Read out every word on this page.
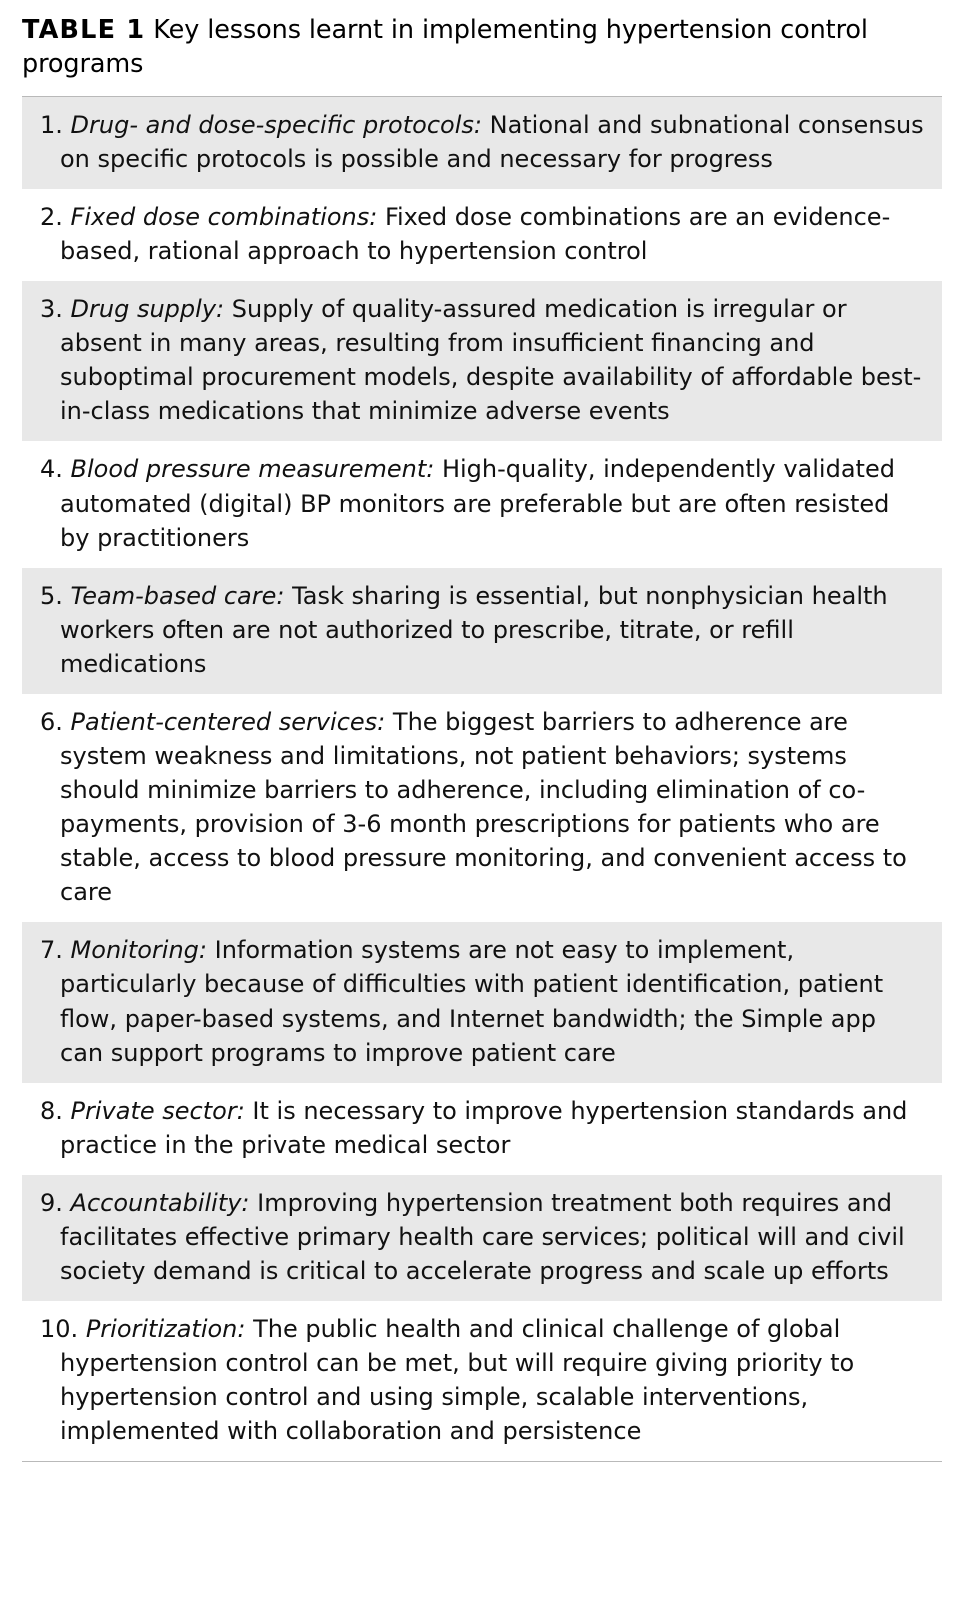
TABLE 1 Key lessons learnt in implementing hypertension control programs
1. Drug- and dose-specific protocols: National and subnational consensus on specific protocols is possible and necessary for progress
2. Fixed dose combinations: Fixed dose combinations are an evidence-based, rational approach to hypertension control
3. Drug supply: Supply of quality-assured medication is irregular or absent in many areas, resulting from insufficient financing and suboptimal procurement models, despite availability of affordable best-in-class medications that minimize adverse events
4. Blood pressure measurement: High-quality, independently validated automated (digital) BP monitors are preferable but are often resisted by practitioners
5. Team-based care: Task sharing is essential, but nonphysician health workers often are not authorized to prescribe, titrate, or refill medications
6. Patient-centered services: The biggest barriers to adherence are system weakness and limitations, not patient behaviors; systems should minimize barriers to adherence, including elimination of co-payments, provision of 3-6 month prescriptions for patients who are stable, access to blood pressure monitoring, and convenient access to care
7. Monitoring: Information systems are not easy to implement, particularly because of difficulties with patient identification, patient flow, paper-based systems, and Internet bandwidth; the Simple app can support programs to improve patient care
8. Private sector: It is necessary to improve hypertension standards and practice in the private medical sector
9. Accountability: Improving hypertension treatment both requires and facilitates effective primary health care services; political will and civil society demand is critical to accelerate progress and scale up efforts
10. Prioritization: The public health and clinical challenge of global hypertension control can be met, but will require giving priority to hypertension control and using simple, scalable interventions, implemented with collaboration and persistence
